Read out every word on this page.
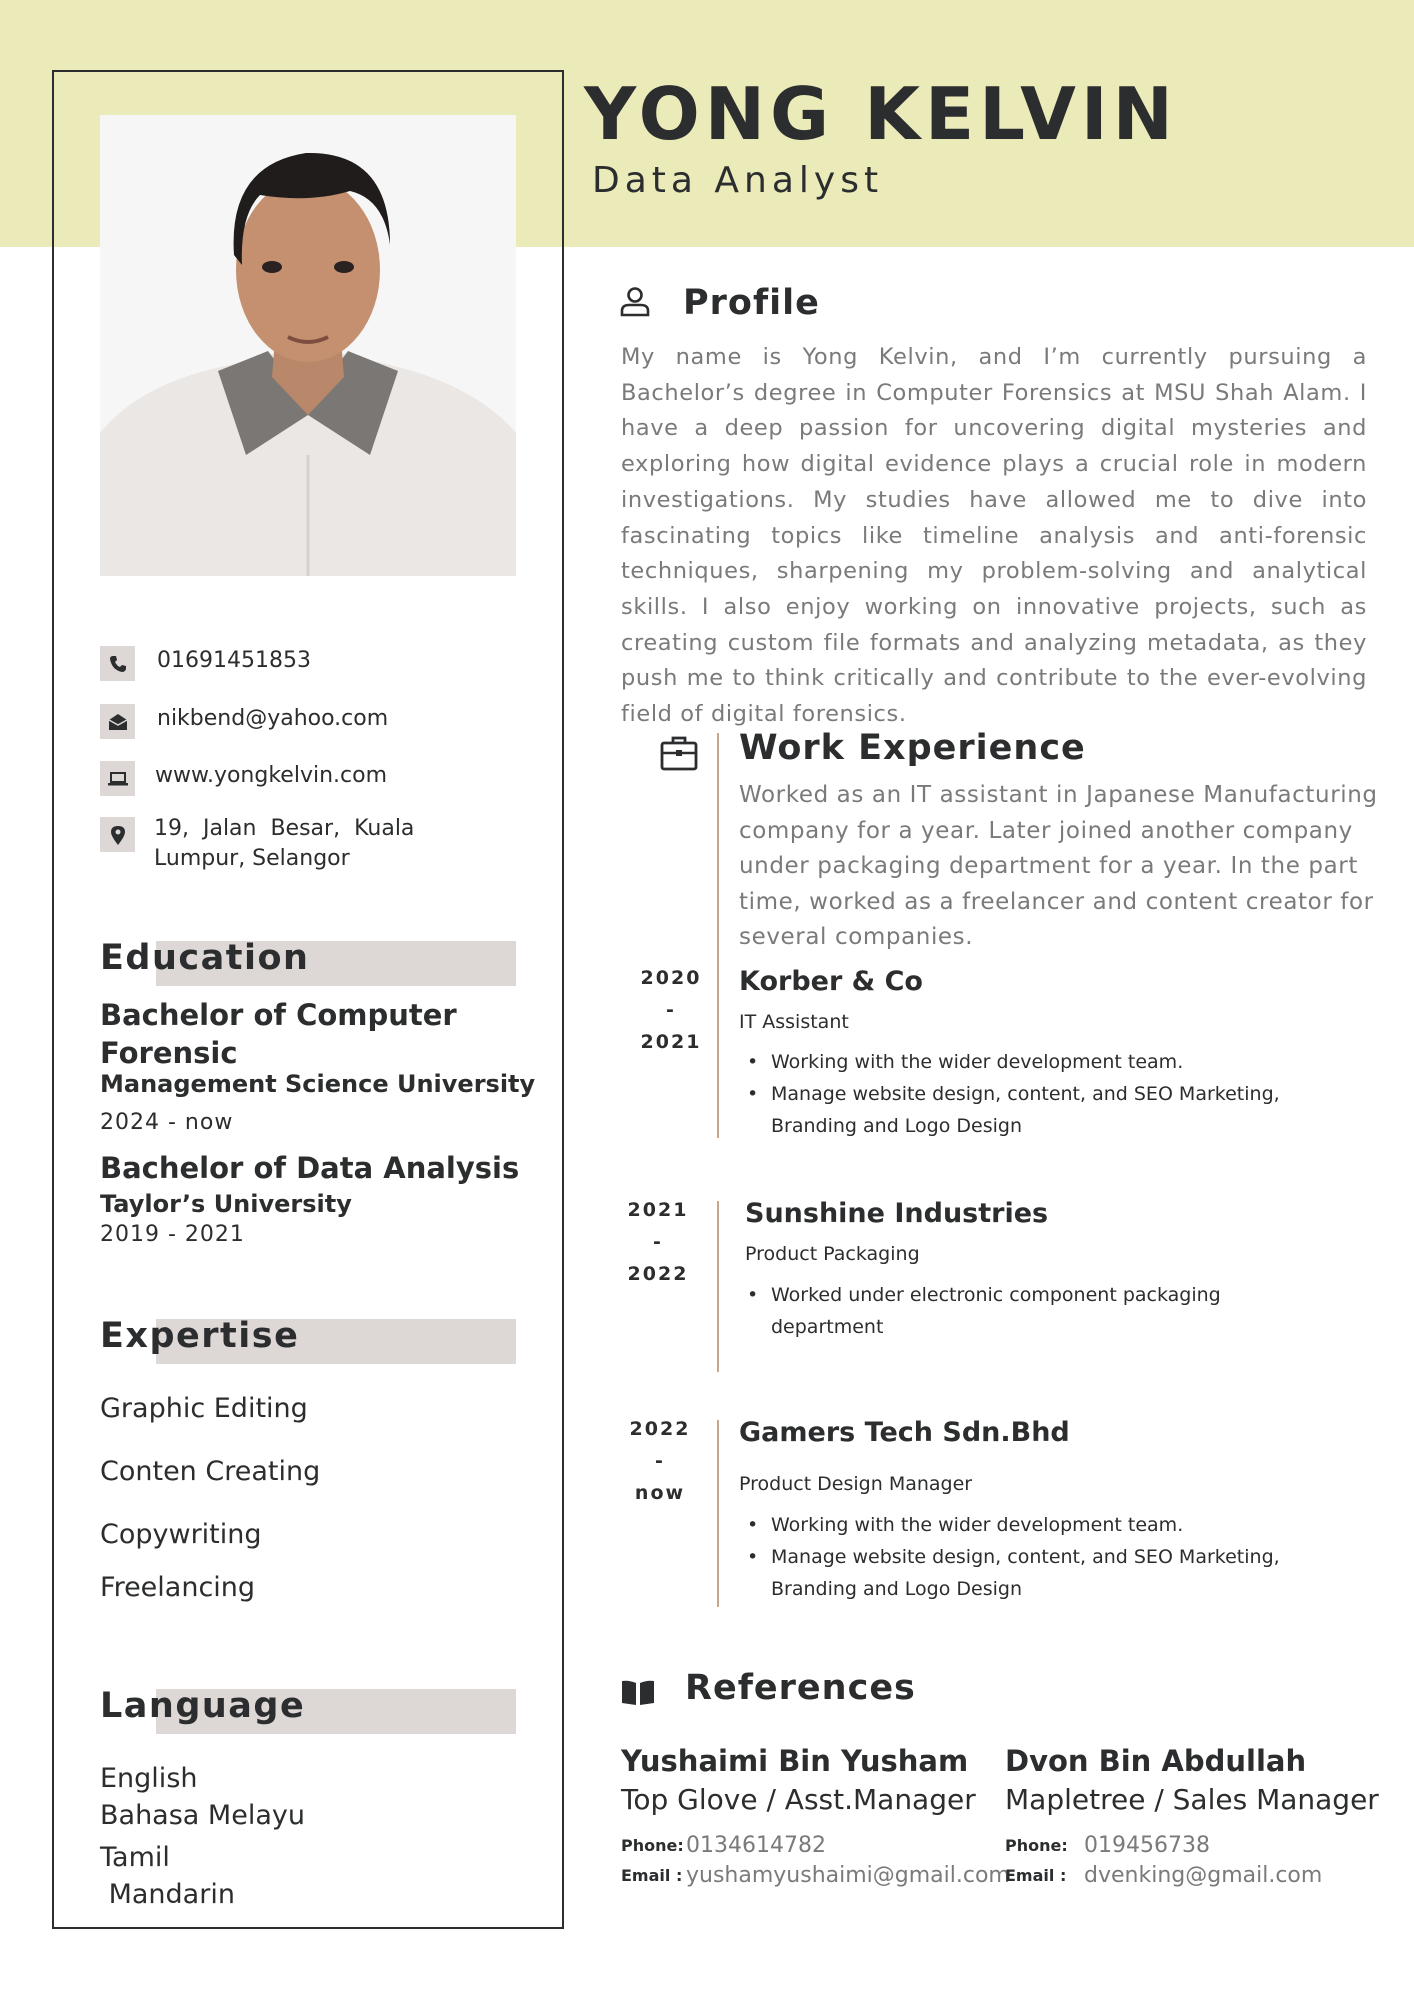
YONG KELVIN
Data Analyst
01691451853
nikbend@yahoo.com
www.yongkelvin.com
19,  Jalan  Besar,  Kuala
Lumpur, Selangor
Education
Bachelor of Computer Forensic
Management Science University
2024 - now
Bachelor of Data Analysis
Taylor’s University
2019 - 2021
Expertise
Graphic Editing
Conten Creating
Copywriting
Freelancing
Language
English
Bahasa Melayu
Tamil
Mandarin
Profile
My name is Yong Kelvin, and I’m currently pursuing a Bachelor’s degree in Computer Forensics at MSU Shah Alam. I have a deep passion for uncovering digital mysteries and exploring how digital evidence plays a crucial role in modern investigations. My studies have allowed me to dive into fascinating topics like timeline analysis and anti-forensic techniques, sharpening my problem-solving and analytical skills. I also enjoy working on innovative projects, such as creating custom file formats and analyzing metadata, as they push me to think critically and contribute to the ever-evolving field of digital forensics.
Work Experience
Worked as an IT assistant in Japanese Manufacturing company for a year. Later joined another company under packaging department for a year. In the part time, worked as a freelancer and content creator for several companies.
2020
-
2021
Korber & Co
IT Assistant
• Working with the wider development team.
• Manage website design, content, and SEO Marketing, Branding and Logo Design
2021
-
2022
Sunshine Industries
Product Packaging
• Worked under electronic component packaging department
2022
-
now
Gamers Tech Sdn.Bhd
Product Design Manager
• Working with the wider development team.
• Manage website design, content, and SEO Marketing, Branding and Logo Design
References
Yushaimi Bin Yusham
Top Glove / Asst.Manager
Phone: 0134614782
Email : yushamyushaimi@gmail.com
Dvon Bin Abdullah
Mapletree / Sales Manager
Phone: 019456738
Email : dvenking@gmail.com
